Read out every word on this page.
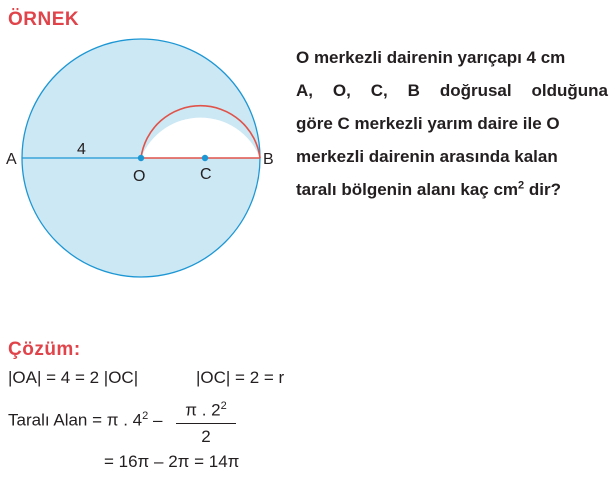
ÖRNEK
A
4
O	C
B
O merkezli dairenin yarıçapı 4 cm
A, O, C, B doğrusal olduğuna
göre C merkezli yarım daire ile O
merkezli dairenin arasında kalan
taralı bölgenin alanı kaç $cm^2$ dir?
Çözüm:
|OA| = 4 = 2 |OC|	|OC| = 2 = r
Taralı Alan = π . $4^2$ –
π . $2^2$
2
= 16π – 2π = 14π
